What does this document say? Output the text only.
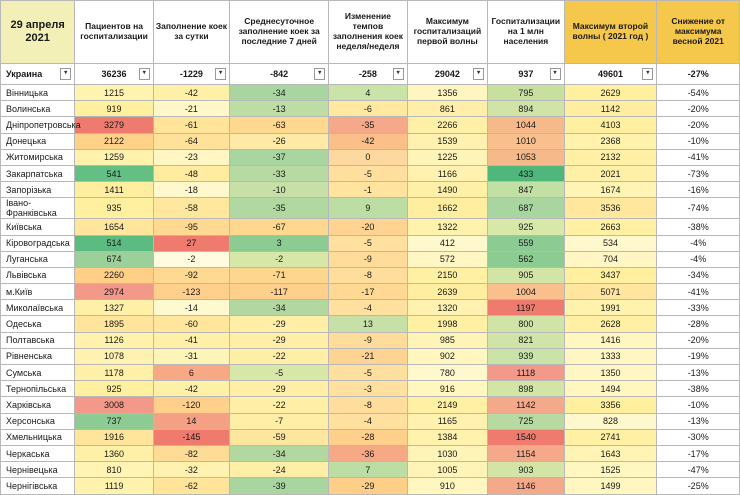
29 апреля 2021	Пациентов на госпитализации	Заполнение коек за сутки	Среднесуточное заполнение коек за последние 7 дней	Изменение темпов заполнения коек неделя/неделя	Максимум госпитализаций первой волны	Госпитализации на 1 млн населения	Максимум второй волны ( 2021 год )	Снижение от максимума весной 2021
Украина ▾	36236 ▾	-1229 ▾	-842 ▾	-258 ▾	29042 ▾	937 ▾	49601 ▾	-27%
Вінницька	1215	-42	-34	4	1356	795	2629	-54%
Волинська	919	-21	-13	-6	861	894	1142	-20%
Дніпропетровська	3279	-61	-63	-35	2266	1044	4103	-20%
Донецька	2122	-64	-26	-42	1539	1010	2368	-10%
Житомирська	1259	-23	-37	0	1225	1053	2132	-41%
Закарпатська	541	-48	-33	-5	1166	433	2021	-73%
Запорізька	1411	-18	-10	-1	1490	847	1674	-16%
Івано-Франківська	935	-58	-35	9	1662	687	3536	-74%
Київська	1654	-95	-67	-20	1322	925	2663	-38%
Кіровоградська	514	27	3	-5	412	559	534	-4%
Луганська	674	-2	-2	-9	572	562	704	-4%
Львівська	2260	-92	-71	-8	2150	905	3437	-34%
м.Київ	2974	-123	-117	-17	2639	1004	5071	-41%
Миколаївська	1327	-14	-34	-4	1320	1197	1991	-33%
Одеська	1895	-60	-29	13	1998	800	2628	-28%
Полтавська	1126	-41	-29	-9	985	821	1416	-20%
Рівненська	1078	-31	-22	-21	902	939	1333	-19%
Сумська	1178	6	-5	-5	780	1118	1350	-13%
Тернопільська	925	-42	-29	-3	916	898	1494	-38%
Харківська	3008	-120	-22	-8	2149	1142	3356	-10%
Херсонська	737	14	-7	-4	1165	725	828	-13%
Хмельницька	1916	-145	-59	-28	1384	1540	2741	-30%
Черкаська	1360	-82	-34	-36	1030	1154	1643	-17%
Чернівецька	810	-32	-24	7	1005	903	1525	-47%
Чернігівська	1119	-62	-39	-29	910	1146	1499	-25%
